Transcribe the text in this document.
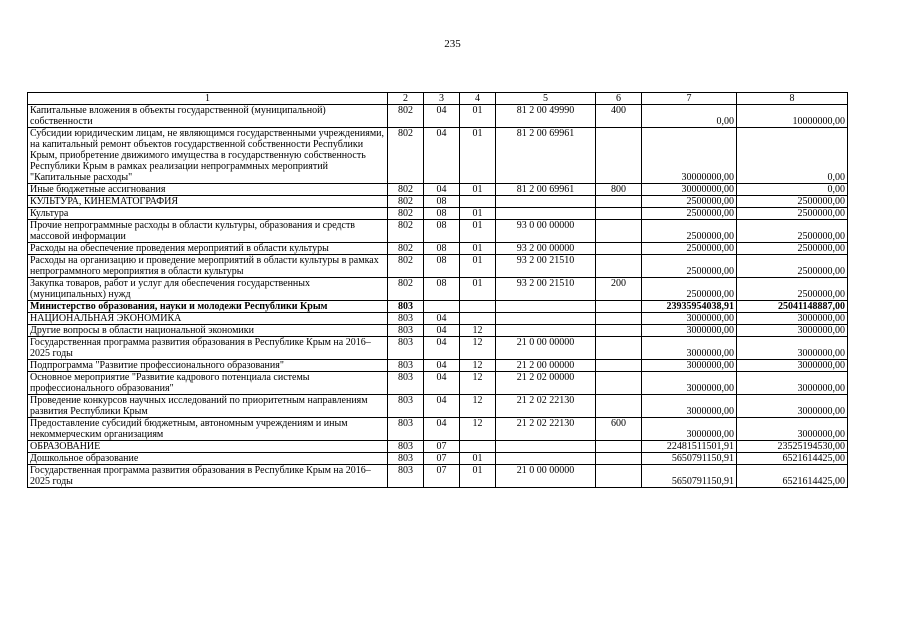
235
1	2	3	4	5	6	7	8
Капитальные вложения в объекты государственной (муниципальной) собственности	802	04	01	81 2 00 49990	400	0,00	10000000,00
Субсидии юридическим лицам, не являющимся государственными учреждениями, на капитальный ремонт объектов государственной собственности Республики Крым, приобретение движимого имущества в государственную собственность Республики Крым в рамках реализации непрограммных мероприятий "Капитальные расходы"	802	04	01	81 2 00 69961		30000000,00	0,00
Иные бюджетные ассигнования	802	04	01	81 2 00 69961	800	30000000,00	0,00
КУЛЬТУРА, КИНЕМАТОГРАФИЯ	802	08				2500000,00	2500000,00
Культура	802	08	01			2500000,00	2500000,00
Прочие непрограммные расходы в области культуры, образования и средств массовой информации	802	08	01	93 0 00 00000		2500000,00	2500000,00
Расходы на обеспечение проведения мероприятий в области культуры	802	08	01	93 2 00 00000		2500000,00	2500000,00
Расходы на организацию и проведение мероприятий в области культуры в рамках непрограммного мероприятия в области культуры	802	08	01	93 2 00 21510		2500000,00	2500000,00
Закупка товаров, работ и услуг для обеспечения государственных (муниципальных) нужд	802	08	01	93 2 00 21510	200	2500000,00	2500000,00
Министерство образования, науки и молодежи Республики Крым	803					23935954038,91	25041148887,00
НАЦИОНАЛЬНАЯ ЭКОНОМИКА	803	04				3000000,00	3000000,00
Другие вопросы в области национальной экономики	803	04	12			3000000,00	3000000,00
Государственная программа развития образования в Республике Крым на 2016–2025 годы	803	04	12	21 0 00 00000		3000000,00	3000000,00
Подпрограмма "Развитие профессионального образования"	803	04	12	21 2 00 00000		3000000,00	3000000,00
Основное мероприятие "Развитие кадрового потенциала системы профессионального образования"	803	04	12	21 2 02 00000		3000000,00	3000000,00
Проведение конкурсов научных исследований по приоритетным направлениям развития Республики Крым	803	04	12	21 2 02 22130		3000000,00	3000000,00
Предоставление субсидий бюджетным, автономным учреждениям и иным некоммерческим организациям	803	04	12	21 2 02 22130	600	3000000,00	3000000,00
ОБРАЗОВАНИЕ	803	07				22481511501,91	23525194530,00
Дошкольное образование	803	07	01			5650791150,91	6521614425,00
Государственная программа развития образования в Республике Крым на 2016–2025 годы	803	07	01	21 0 00 00000		5650791150,91	6521614425,00
